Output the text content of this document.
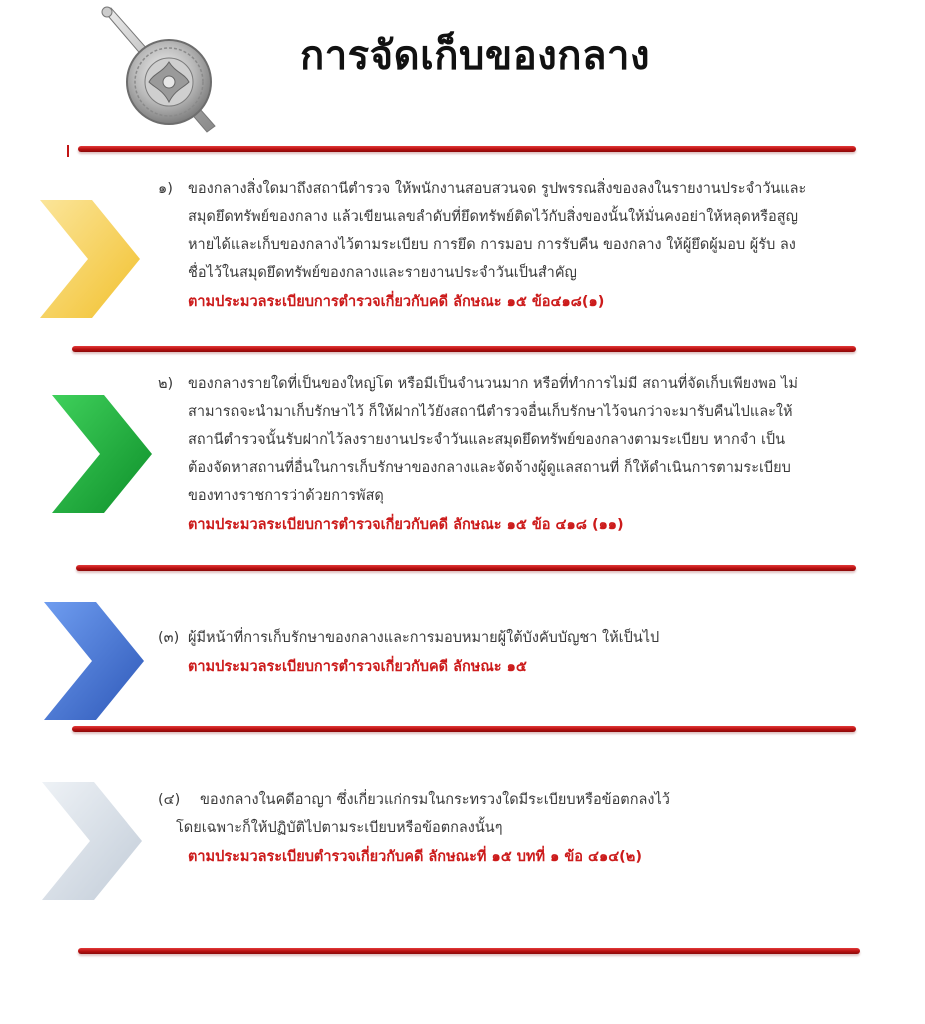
การจัดเก็บของกลาง
๑) ของกลางสิ่งใดมาถึงสถานีตำรวจ ให้พนักงานสอบสวนจด รูปพรรณสิ่งของลงในรายงานประจำวันและ
สมุดยึดทรัพย์ของกลาง แล้วเขียนเลขลำดับที่ยึดทรัพย์ติดไว้กับสิ่งของนั้นให้มั่นคงอย่าให้หลุดหรือสูญ
หายได้และเก็บของกลางไว้ตามระเบียบ การยึด การมอบ การรับคืน ของกลาง ให้ผู้ยึดผู้มอบ ผู้รับ ลง
ชื่อไว้ในสมุดยึดทรัพย์ของกลางและรายงานประจำวันเป็นสำคัญ
ตามประมวลระเบียบการตำรวจเกี่ยวกับคดี ลักษณะ ๑๕ ข้อ๔๑๘(๑)
๒) ของกลางรายใดที่เป็นของใหญ่โต หรือมีเป็นจำนวนมาก หรือที่ทำการไม่มี สถานที่จัดเก็บเพียงพอ ไม่
สามารถจะนำมาเก็บรักษาไว้ ก็ให้ฝากไว้ยังสถานีตำรวจอื่นเก็บรักษาไว้จนกว่าจะมารับคืนไปและให้
สถานีตำรวจนั้นรับฝากไว้ลงรายงานประจำวันและสมุดยึดทรัพย์ของกลางตามระเบียบ หากจำ เป็น
ต้องจัดหาสถานที่อื่นในการเก็บรักษาของกลางและจัดจ้างผู้ดูแลสถานที่ ก็ให้ดำเนินการตามระเบียบ
ของทางราชการว่าด้วยการพัสดุ
ตามประมวลระเบียบการตำรวจเกี่ยวกับคดี ลักษณะ ๑๕ ข้อ ๔๑๘ (๑๑)
(๓) ผู้มีหน้าที่การเก็บรักษาของกลางและการมอบหมายผู้ใต้บังคับบัญชา ให้เป็นไป
ตามประมวลระเบียบการตำรวจเกี่ยวกับคดี ลักษณะ ๑๕
(๔) ของกลางในคดีอาญา ซึ่งเกี่ยวแก่กรมในกระทรวงใดมีระเบียบหรือข้อตกลงไว้
โดยเฉพาะก็ให้ปฏิบัติไปตามระเบียบหรือข้อตกลงนั้นๆ
ตามประมวลระเบียบตำรวจเกี่ยวกับคดี ลักษณะที่ ๑๕ บทที่ ๑ ข้อ ๔๑๔(๒)
